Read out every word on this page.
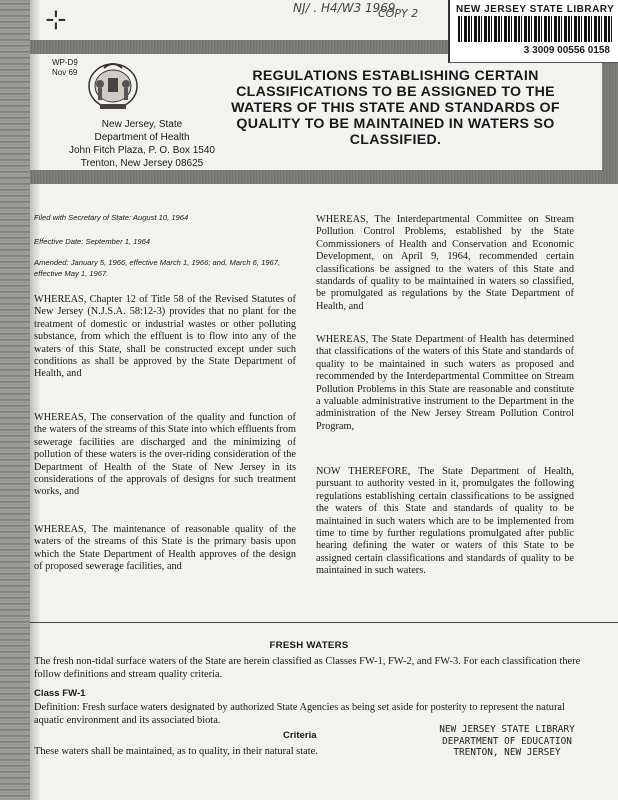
⊹	NJ/ . H4/W3 1969
COPY 2	NEW JERSEY STATE LIBRARY
3 3009 00556 0158
WP-D9
Nov 69
New Jersey, State
Department of Health
John Fitch Plaza, P. O. Box 1540
Trenton, New Jersey 08625
REGULATIONS ESTABLISHING CERTAIN CLASSIFICATIONS TO BE ASSIGNED TO THE WATERS OF THIS STATE AND STANDARDS OF QUALITY TO BE MAINTAINED IN WATERS SO CLASSIFIED.
Filed with Secretary of State: August 10, 1964
Effective Date: September 1, 1964
Amended: January 5, 1966, effective March 1, 1966; and, March 6, 1967, effective May 1, 1967.

WHEREAS, Chapter 12 of Title 58 of the Revised Statutes of New Jersey (N.J.S.A. 58:12-3) provides that no plant for the treatment of domestic or industrial wastes or other polluting substance, from which the effluent is to flow into any of the waters of this State, shall be constructed except under such conditions as shall be approved by the State Department of Health, and

WHEREAS, The conservation of the quality and function of the waters of the streams of this State into which effluents from sewerage facilities are discharged and the minimizing of pollution of these waters is the over-riding consideration of the Department of Health of the State of New Jersey in its considerations of the approvals of designs for such treatment works, and

WHEREAS, The maintenance of reasonable quality of the waters of the streams of this State is the primary basis upon which the State Department of Health approves of the design of proposed sewerage facilities, and

WHEREAS, The Interdepartmental Committee on Stream Pollution Control Problems, established by the State Commissioners of Health and Conservation and Economic Development, on April 9, 1964, recommended certain classifications be assigned to the waters of this State and standards of quality to be maintained in waters so classified, be promulgated as regulations by the State Department of Health, and

WHEREAS, The State Department of Health has determined that classifications of the waters of this State and standards of quality to be maintained in such waters as proposed and recommended by the Interdepartmental Committee on Stream Pollution Problems in this State are reasonable and constitute a valuable administrative instrument to the Department in the administration of the New Jersey Stream Pollution Control Program,

NOW THEREFORE, The State Department of Health, pursuant to authority vested in it, promulgates the following regulations establishing certain classifications to be assigned the waters of this State and standards of quality to be maintained in such waters which are to be implemented from time to time by further regulations promulgated after public hearing defining the water or waters of this State to be assigned certain classifications and standards of quality to be maintained in such waters.

FRESH WATERS

The fresh non-tidal surface waters of the State are herein classified as Classes FW-1, FW-2, and FW-3. For each classification there follow definitions and stream quality criteria.

Class FW-1

Definition: Fresh surface waters designated by authorized State Agencies as being set aside for posterity to represent the natural aquatic environment and its associated biota.

Criteria

These waters shall be maintained, as to quality, in their natural state.

NEW JERSEY STATE LIBRARY
DEPARTMENT OF EDUCATION
TRENTON, NEW JERSEY
